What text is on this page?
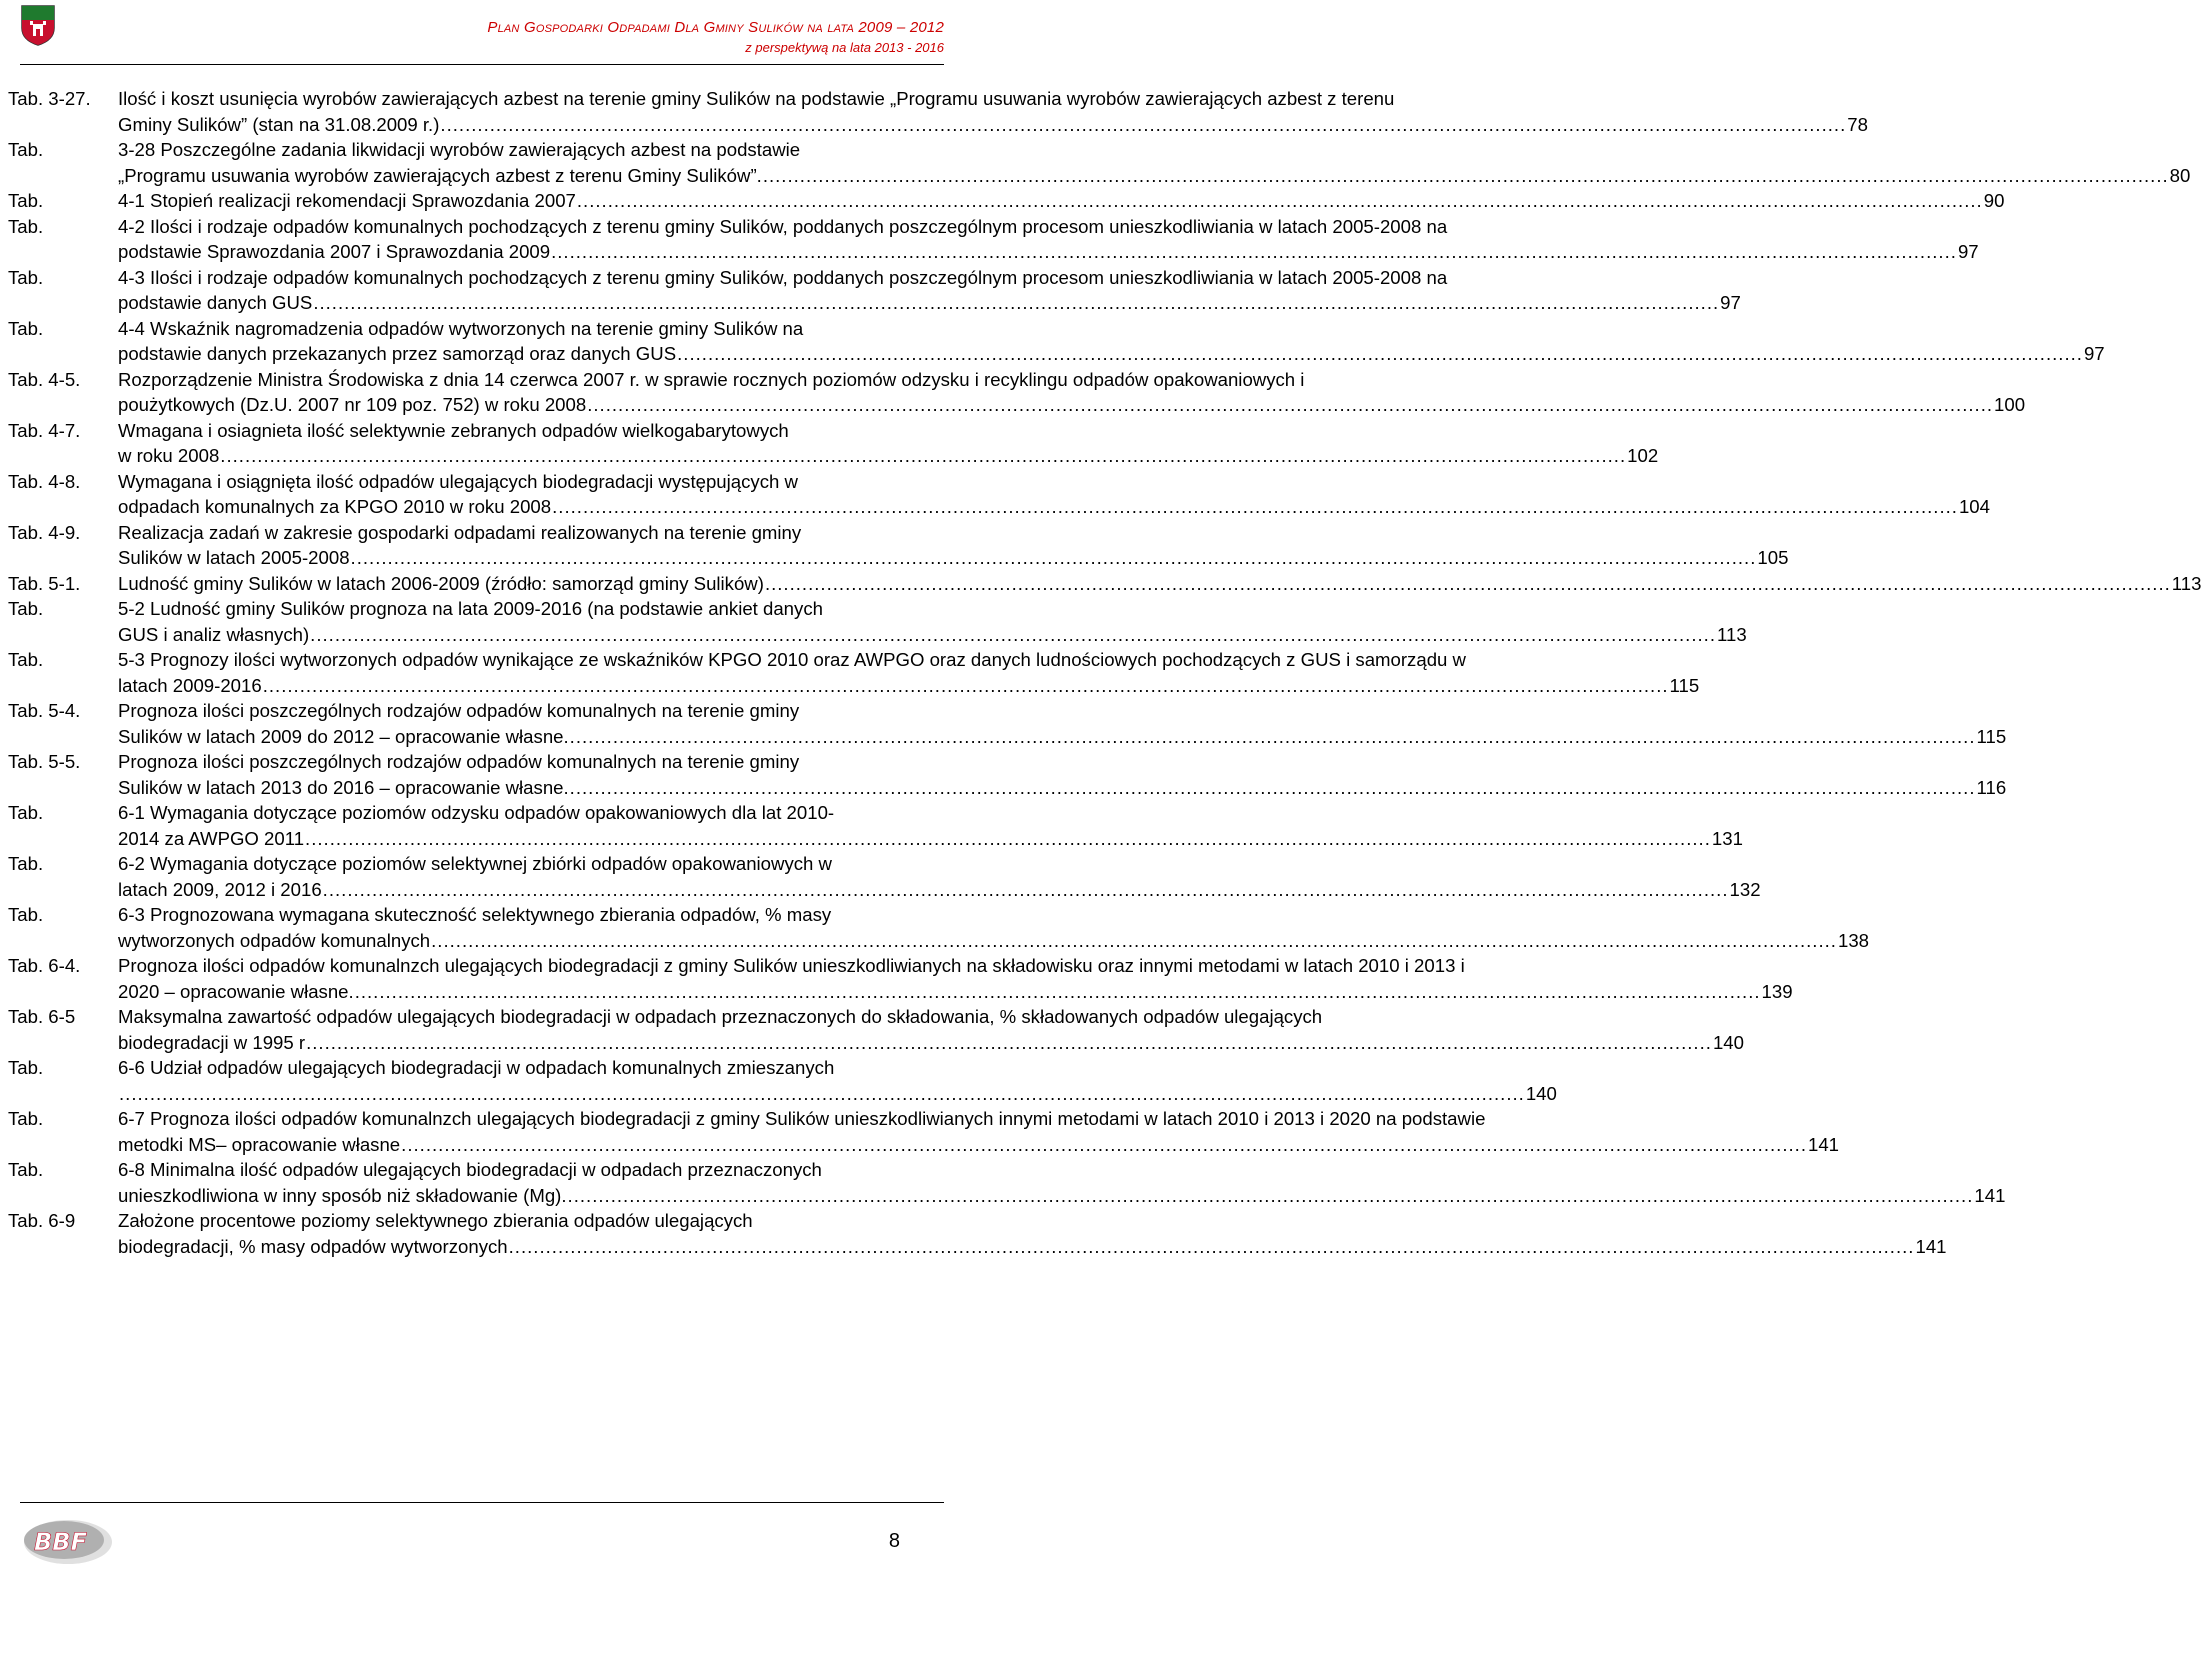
Plan Gospodarki Odpadami Dla Gminy Sulików na lata 2009 – 2012
z perspektywą na lata 2013 - 2016
Tab. 3-27.	Ilość i koszt usunięcia wyrobów zawierających azbest na terenie gminy Sulików na podstawie „Programu usuwania wyrobów zawierających azbest z terenu
Gminy Sulików” (stan na 31.08.2009 r.) .....	78
Tab.	3-28 Poszczególne zadania likwidacji wyrobów zawierających azbest na podstawie
„Programu usuwania wyrobów zawierających azbest z terenu Gminy Sulików”. .....	80
Tab.	4-1 Stopień realizacji rekomendacji Sprawozdania 2007 .....	90
Tab.	4-2 Ilości i rodzaje odpadów komunalnych pochodzących z terenu gminy Sulików, poddanych poszczególnym procesom unieszkodliwiania w latach 2005-2008 na
podstawie Sprawozdania 2007 i Sprawozdania 2009 .....	97
Tab.	4-3 Ilości i rodzaje odpadów komunalnych pochodzących z terenu gminy Sulików, poddanych poszczególnym procesom unieszkodliwiania w latach 2005-2008 na
podstawie danych GUS .....	97
Tab.	4-4 Wskaźnik nagromadzenia odpadów wytworzonych na terenie gminy Sulików na
podstawie danych przekazanych przez samorząd oraz danych GUS .....	97
Tab. 4-5.	Rozporządzenie Ministra Środowiska z dnia 14 czerwca 2007 r. w sprawie rocznych poziomów odzysku i recyklingu odpadów opakowaniowych i
poużytkowych (Dz.U. 2007 nr 109 poz. 752) w roku 2008 .....	100
Tab. 4-7.	Wmagana i osiagnieta ilość selektywnie zebranych odpadów wielkogabarytowych
w roku 2008 .....	102
Tab. 4-8.	Wymagana i osiągnięta ilość odpadów ulegających biodegradacji występujących w
odpadach komunalnych za KPGO 2010 w roku 2008 .....	104
Tab. 4-9.	Realizacja zadań w zakresie gospodarki odpadami realizowanych na terenie gminy
Sulików w latach 2005-2008 .....	105
Tab. 5-1.	Ludność gminy Sulików w latach 2006-2009 (źródło: samorząd gminy Sulików) .....	113
Tab.	5-2 Ludność gminy Sulików prognoza na lata 2009-2016 (na podstawie ankiet danych
GUS i analiz własnych) .....	113
Tab.	5-3 Prognozy ilości wytworzonych odpadów wynikające ze wskaźników KPGO 2010 oraz AWPGO oraz danych ludnościowych pochodzących z GUS i samorządu w
latach 2009-2016 .....	115
Tab. 5-4.	Prognoza ilości poszczególnych rodzajów odpadów komunalnych na terenie gminy
Sulików w latach 2009 do 2012 – opracowanie własne. .....	115
Tab. 5-5.	Prognoza ilości poszczególnych rodzajów odpadów komunalnych na terenie gminy
Sulików w latach 2013 do 2016 – opracowanie własne. .....	116
Tab.	6-1 Wymagania dotyczące poziomów odzysku odpadów opakowaniowych dla lat 2010-
2014 za AWPGO 2011 .....	131
Tab.	6-2 Wymagania dotyczące poziomów selektywnej zbiórki odpadów opakowaniowych w
latach 2009, 2012 i 2016 .....	132
Tab.	6-3 Prognozowana wymagana skuteczność selektywnego zbierania odpadów, % masy
wytworzonych odpadów komunalnych .....	138
Tab. 6-4.	Prognoza ilości odpadów komunalnzch ulegających biodegradacji z gminy Sulików unieszkodliwianych na składowisku oraz innymi metodami w latach 2010 i 2013 i
2020 – opracowanie własne. .....	139
Tab. 6-5	Maksymalna zawartość odpadów ulegających biodegradacji w odpadach przeznaczonych do składowania, % składowanych odpadów ulegających
biodegradacji w 1995 r .....	140
Tab.	6-6 Udział odpadów ulegających biodegradacji w odpadach komunalnych zmieszanych
.....
140
Tab.	6-7 Prognoza ilości odpadów komunalnzch ulegających biodegradacji z gminy Sulików unieszkodliwianych innymi metodami w latach 2010 i 2013 i 2020 na podstawie
metodki MS– opracowanie własne .....	141
Tab.	6-8 Minimalna ilość odpadów ulegających biodegradacji w odpadach przeznaczonych
unieszkodliwiona w inny sposób niż składowanie (Mg). .....	141
Tab. 6-9	Założone procentowe poziomy selektywnego zbierania odpadów ulegających
biodegradacji, % masy odpadów wytworzonych .....	141
BBF	8
